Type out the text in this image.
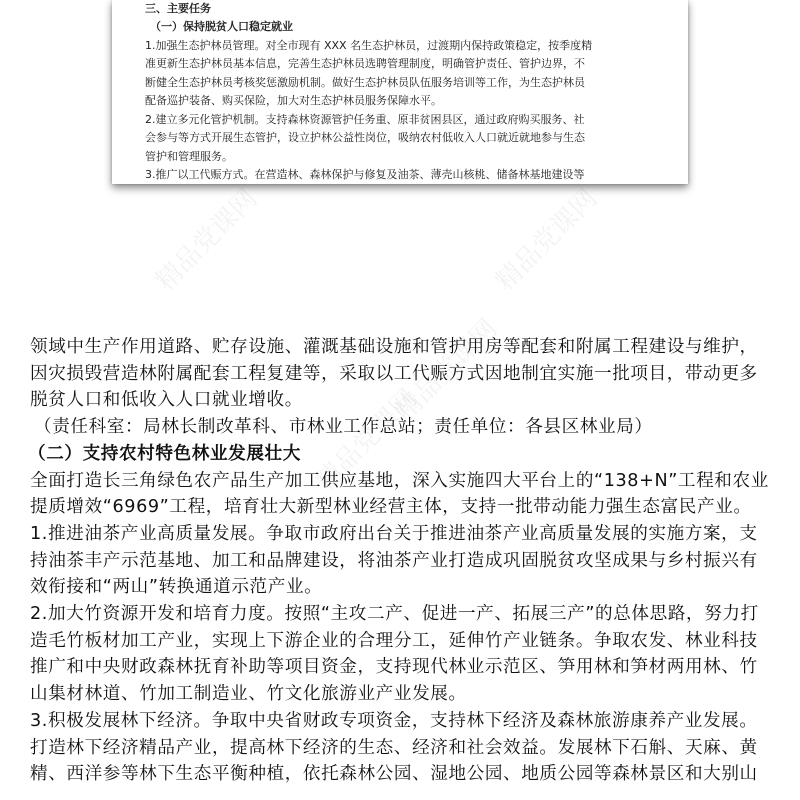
精品党课网	精品党课网
精品党课网
精品党课网
三、主要任务
（一）保持脱贫人口稳定就业
1.加强生态护林员管理。对全市现有 XXX 名生态护林员，过渡期内保持政策稳定，按季度精
准更新生态护林员基本信息，完善生态护林员选聘管理制度，明确管护责任、管护边界，不
断健全生态护林员考核奖惩激励机制。做好生态护林员队伍服务培训等工作，为生态护林员
配备巡护装备、购买保险，加大对生态护林员服务保障水平。
2.建立多元化管护机制。支持森林资源管护任务重、原非贫困县区，通过政府购买服务、社
会参与等方式开展生态管护，设立护林公益性岗位，吸纳农村低收入人口就近就地参与生态
管护和管理服务。
3.推广以工代赈方式。在营造林、森林保护与修复及油茶、薄壳山核桃、储备林基地建设等
领域中生产作用道路、贮存设施、灌溉基础设施和管护用房等配套和附属工程建设与维护，
因灾损毁营造林附属配套工程复建等，采取以工代赈方式因地制宜实施一批项目，带动更多
脱贫人口和低收入人口就业增收。
（责任科室：局林长制改革科、市林业工作总站；责任单位：各县区林业局）
（二）支持农村特色林业发展壮大
全面打造长三角绿色农产品生产加工供应基地，深入实施四大平台上的“138+N”工程和农业
提质增效“6969”工程，培育壮大新型林业经营主体，支持一批带动能力强生态富民产业。
1.推进油茶产业高质量发展。争取市政府出台关于推进油茶产业高质量发展的实施方案，支
持油茶丰产示范基地、加工和品牌建设，将油茶产业打造成巩固脱贫攻坚成果与乡村振兴有
效衔接和“两山”转换通道示范产业。
2.加大竹资源开发和培育力度。按照“主攻二产、促进一产、拓展三产”的总体思路，努力打
造毛竹板材加工产业，实现上下游企业的合理分工，延伸竹产业链条。争取农发、林业科技
推广和中央财政森林抚育补助等项目资金，支持现代林业示范区、笋用林和笋材两用林、竹
山集材林道、竹加工制造业、竹文化旅游业产业发展。
3.积极发展林下经济。争取中央省财政专项资金，支持林下经济及森林旅游康养产业发展。
打造林下经济精品产业，提高林下经济的生态、经济和社会效益。发展林下石斛、天麻、黄
精、西洋参等林下生态平衡种植，依托森林公园、湿地公园、地质公园等森林景区和大别山
